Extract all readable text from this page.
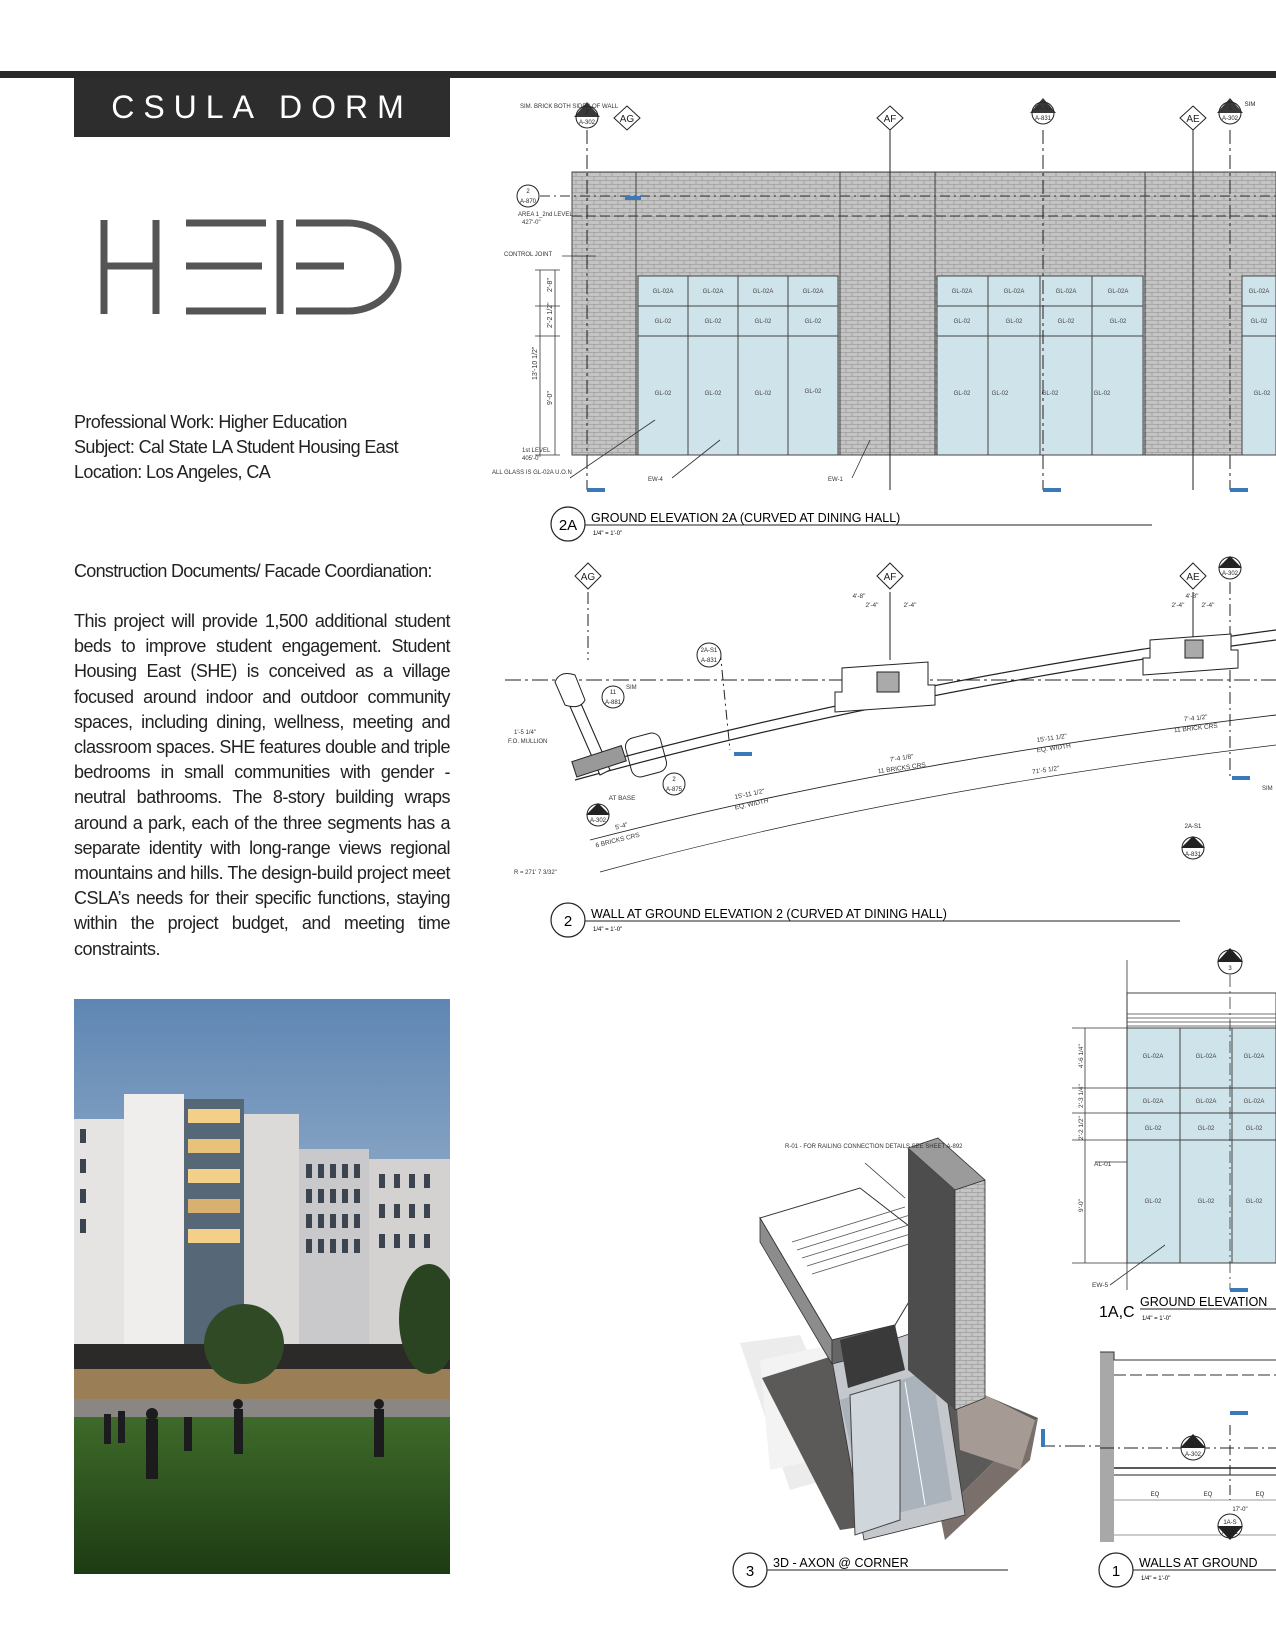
CSULA DORM
Professional Work: Higher Education
Subject: Cal State LA Student Housing East
Location: Los Angeles, CA
Construction Documents/ Facade Coordianation:

This project will provide 1,500 additional student beds to improve student engagement. Student Housing East (SHE) is conceived as a village focused around indoor and outdoor community spaces, including dining, wellness, meeting and classroom spaces. SHE features double and triple bedrooms in small communities with gender -neutral bathrooms. The 8-story building wraps around a park, each of the three segments has a separate identity with long-range views regional mountains and hills. The design-build project meet CSLA’s needs for their specific functions, staying within the project budget, and meeting time constraints.

GL-02A	GL-02A	GL-02A	GL-02A
GL-02	GL-02	GL-02	GL-02
GL-02	GL-02	GL-02	GL-02
GL-02A	GL-02A	GL-02A	GL-02A
GL-02	GL-02	GL-02	GL-02
GL-02	GL-02	GL-02	GL-02
GL-02A
GL-02
GL-02
AG	AF	AE
2
A-302
2A-S1
A-831
1
A-302
2
A-870
SIM
SIM. BRICK BOTH SIDES OF WALL
CONTROL JOINT
AREA 1_2nd LEVEL
427'-0"
1st LEVEL
405'-0"
ALL GLASS IS GL-02A U.O.N
EW-4	EW-1
2'-8"
2'-2 1/2"
9'-0"
13'-10 1/2"
2A GROUND ELEVATION 2A (CURVED AT DINING HALL)
1/4" = 1'-0"
AG	AF	AE	A-302
2A-S1
A-831
11
A-881
2
A-875
A-302
2A-S1
A-831
4'-8"
2'-4"	2'-4"
4'-8"
2'-4"	2'-4"
7'-4 1/8"
11 BRICKS CRS
7'-4 1/2"
11 BRICK CRS
15'-11 1/2"
EQ. WIDTH
71'-5 1/2"
15'-11 1/2"
EQ. WIDTH
5'-4"
6 BRICKS CRS
AT BASE
1'-5 1/4"
F.O. MULLION
SIM
SIM
R = 271' 7 3/32"
2 WALL AT GROUND ELEVATION 2 (CURVED AT DINING HALL)
1/4" = 1'-0"
GL-02A	GL-02A	GL-02A
GL-02A	GL-02A	GL-02A
GL-02	GL-02	GL-02
GL-02	GL-02	GL-02
1A-S
3
4'-6 1/4"
2'-3 1/4"
2'-2 1/2"
9'-0"
AL-01
EW-5
1A,C
GROUND ELEVATION
1/4" = 1'-0"
R-01 - FOR RAILING CONNECTION DETAILS SEE SHEET A-892
3 3D - AXON @ CORNER
3
A-302
1A-S
A-831
EQ	EQ	EQ
17'-0"
1 WALLS AT GROUND
1/4" = 1'-0"
